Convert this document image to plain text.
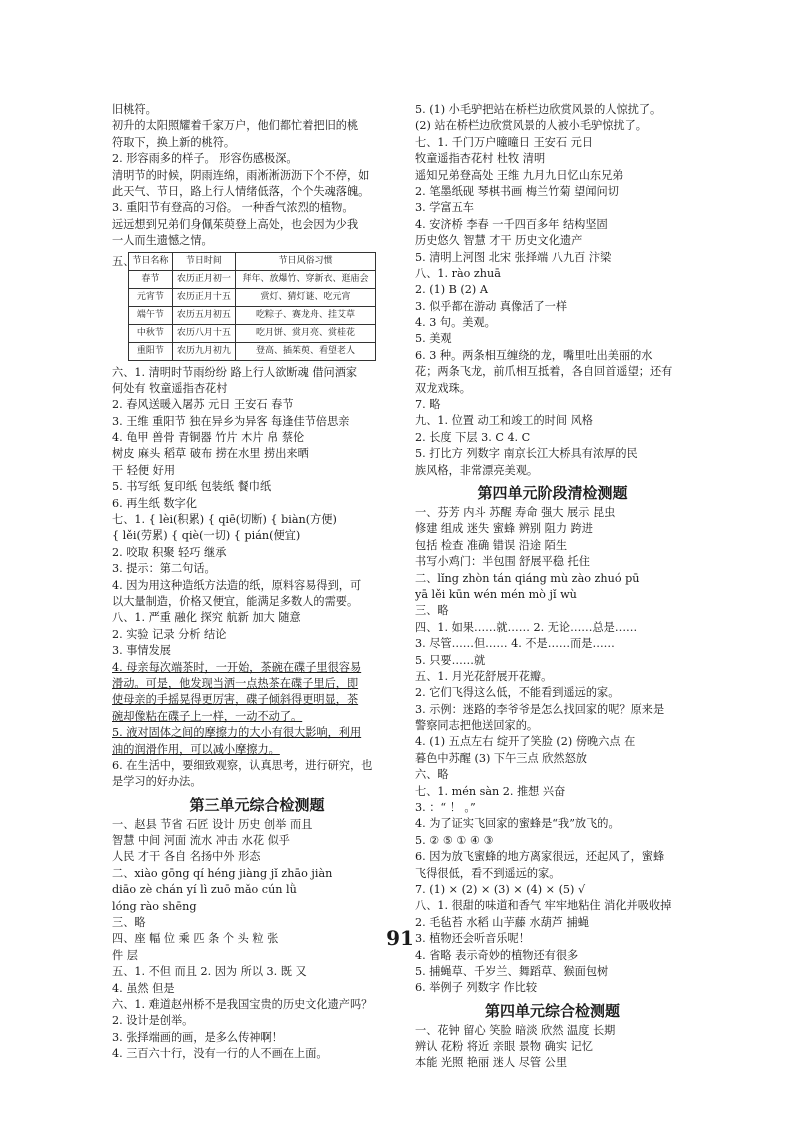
旧桃符。
初升的太阳照耀着千家万户，他们都忙着把旧的桃
符取下，换上新的桃符。
2. 形容雨多的样子。 形容伤感极深。
清明节的时候，阴雨连绵，雨淅淅沥沥下个不停，如
此天气、节日，路上行人情绪低落，个个失魂落魄。
3. 重阳节有登高的习俗。 一种香气浓烈的植物。
远远想到兄弟们身佩茱萸登上高处，也会因为少我
一人而生遗憾之情。
五、
节日名称	节日时间	节日风俗习惯
春节	农历正月初一	拜年、放爆竹、穿新衣、逛庙会
元宵节	农历正月十五	赏灯、猜灯谜、吃元宵
端午节	农历五月初五	吃粽子、赛龙舟、挂艾草
中秋节	农历八月十五	吃月饼、赏月亮、赏桂花
重阳节	农历九月初九	登高、插茱萸、看望老人
六、1. 清明时节雨纷纷 路上行人欲断魂 借问酒家
何处有 牧童遥指杏花村
2. 春风送暖入屠苏 元日 王安石 春节
3. 王维 重阳节 独在异乡为异客 每逢佳节倍思亲
4. 龟甲 兽骨 青铜器 竹片 木片 帛 蔡伦
树皮 麻头 稻草 破布 捞在水里 捞出来晒
干 轻便 好用
5. 书写纸 复印纸 包装纸 餐巾纸
6. 再生纸 数字化
七、1. { lèi(积累) { qiē(切断) { biàn(方便)
{ lěi(劳累) { qiè(一切) { pián(便宜)
2. 咬取 积聚 轻巧 继承
3. 提示：第二句话。
4. 因为用这种造纸方法造的纸，原料容易得到，可
以大量制造，价格又便宜，能满足多数人的需要。
八、1. 严重 融化 探究 航新 加大 随意
2. 实验 记录 分析 结论
3. 事情发展
4. 母亲每次端茶时，一开始，茶碗在碟子里很容易
滑动。可是，他发现当洒一点热茶在碟子里后，即
使母亲的手摇晃得更厉害，碟子倾斜得更明显，茶
碗却像粘在碟子上一样，一动不动了。
5. 液对固体之间的摩擦力的大小有很大影响，利用
油的润滑作用，可以减小摩擦力。
6. 在生活中，要细致观察，认真思考，进行研究，也
是学习的好办法。
第三单元综合检测题
一、赵县 节省 石匠 设计 历史 创举 而且
智慧 中间 河面 流水 冲击 水花 似乎
人民 才干 各自 名扬中外 形态
二、xiào gōng qí héng jiàng jǐ zhāo jiàn
diāo zè chán yí lì zuō mǎo cún lǜ
lóng rào shēng
三、略
四、座 幅 位 乘 匹 条 个 头 粒 张
件 层
五、1. 不但 而且 2. 因为 所以 3. 既 又
4. 虽然 但是
六、1. 难道赵州桥不是我国宝贵的历史文化遗产吗？
2. 设计是创举。
3. 张择端画的画，是多么传神啊！
4. 三百六十行，没有一行的人不画在上面。
5. (1) 小毛驴把站在桥栏边欣赏风景的人惊扰了。
(2) 站在桥栏边欣赏风景的人被小毛驴惊扰了。
七、1. 千门万户曈曈日 王安石 元日
牧童遥指杏花村 杜牧 清明
遥知兄弟登高处 王维 九月九日忆山东兄弟
2. 笔墨纸砚 琴棋书画 梅兰竹菊 望闻问切
3. 学富五车
4. 安济桥 李春 一千四百多年 结构坚固
历史悠久 智慧 才干 历史文化遗产
5. 清明上河图 北宋 张择端 八九百 汴梁
八、1. rào zhuā
2. (1) B (2) A
3. 似乎都在游动 真像活了一样
4. 3 句。美观。
5. 美观
6. 3 种。两条相互缠绕的龙，嘴里吐出美丽的水
花；两条飞龙，前爪相互抵着，各自回首遥望；还有
双龙戏珠。
7. 略
九、1. 位置 动工和竣工的时间 风格
2. 长度 下层 3. C 4. C
5. 打比方 列数字 南京长江大桥具有浓厚的民
族风格，非常漂亮美观。
第四单元阶段清检测题
一、芬芳 内斗 苏醒 寿命 强大 展示 昆虫
修建 组成 迷失 蜜蜂 辨别 阻力 跨进
包括 检查 准确 错误 沿途 陌生
书写小鸡门：半包围 舒展平稳 托住
二、lǐng zhòn tán qiáng mù zào zhuó pū
yā lěi kūn wén mén mò jǐ wù
三、略
四、1. 如果……就…… 2. 无论……总是……
3. 尽管……但…… 4. 不是……而是……
5. 只要……就
五、1. 月光花舒展开花瓣。
2. 它们飞得这么低，不能看到遥远的家。
3. 示例：迷路的李爷爷是怎么找回家的呢？原来是
警察同志把他送回家的。
4. (1) 五点左右 绽开了笑脸 (2) 傍晚六点 在
暮色中苏醒 (3) 下午三点 欣然怒放
六、略
七、1. mén sàn 2. 推想 兴奋
3. ：“ ！ 。”
4. 为了证实飞回家的蜜蜂是“我”放飞的。
5. ② ⑤ ① ④ ③
6. 因为放飞蜜蜂的地方离家很远，还起风了，蜜蜂
飞得很低，看不到遥远的家。
7. (1) × (2) × (3) × (4) × (5) √
八、1. 很甜的味道和香气 牢牢地粘住 消化并吸收掉
2. 毛毡苔 水稻 山芋藤 水葫芦 捕蝇
3. 植物还会听音乐呢！
4. 省略 表示奇妙的植物还有很多
5. 捕蝇草、千岁兰、舞蹈草、猴面包树
6. 举例子 列数字 作比较
第四单元综合检测题
一、花钟 留心 笑脸 暗淡 欣然 温度 长期
辨认 花粉 将近 亲眼 景物 确实 记忆
本能 光照 艳丽 迷人 尽管 公里
91
